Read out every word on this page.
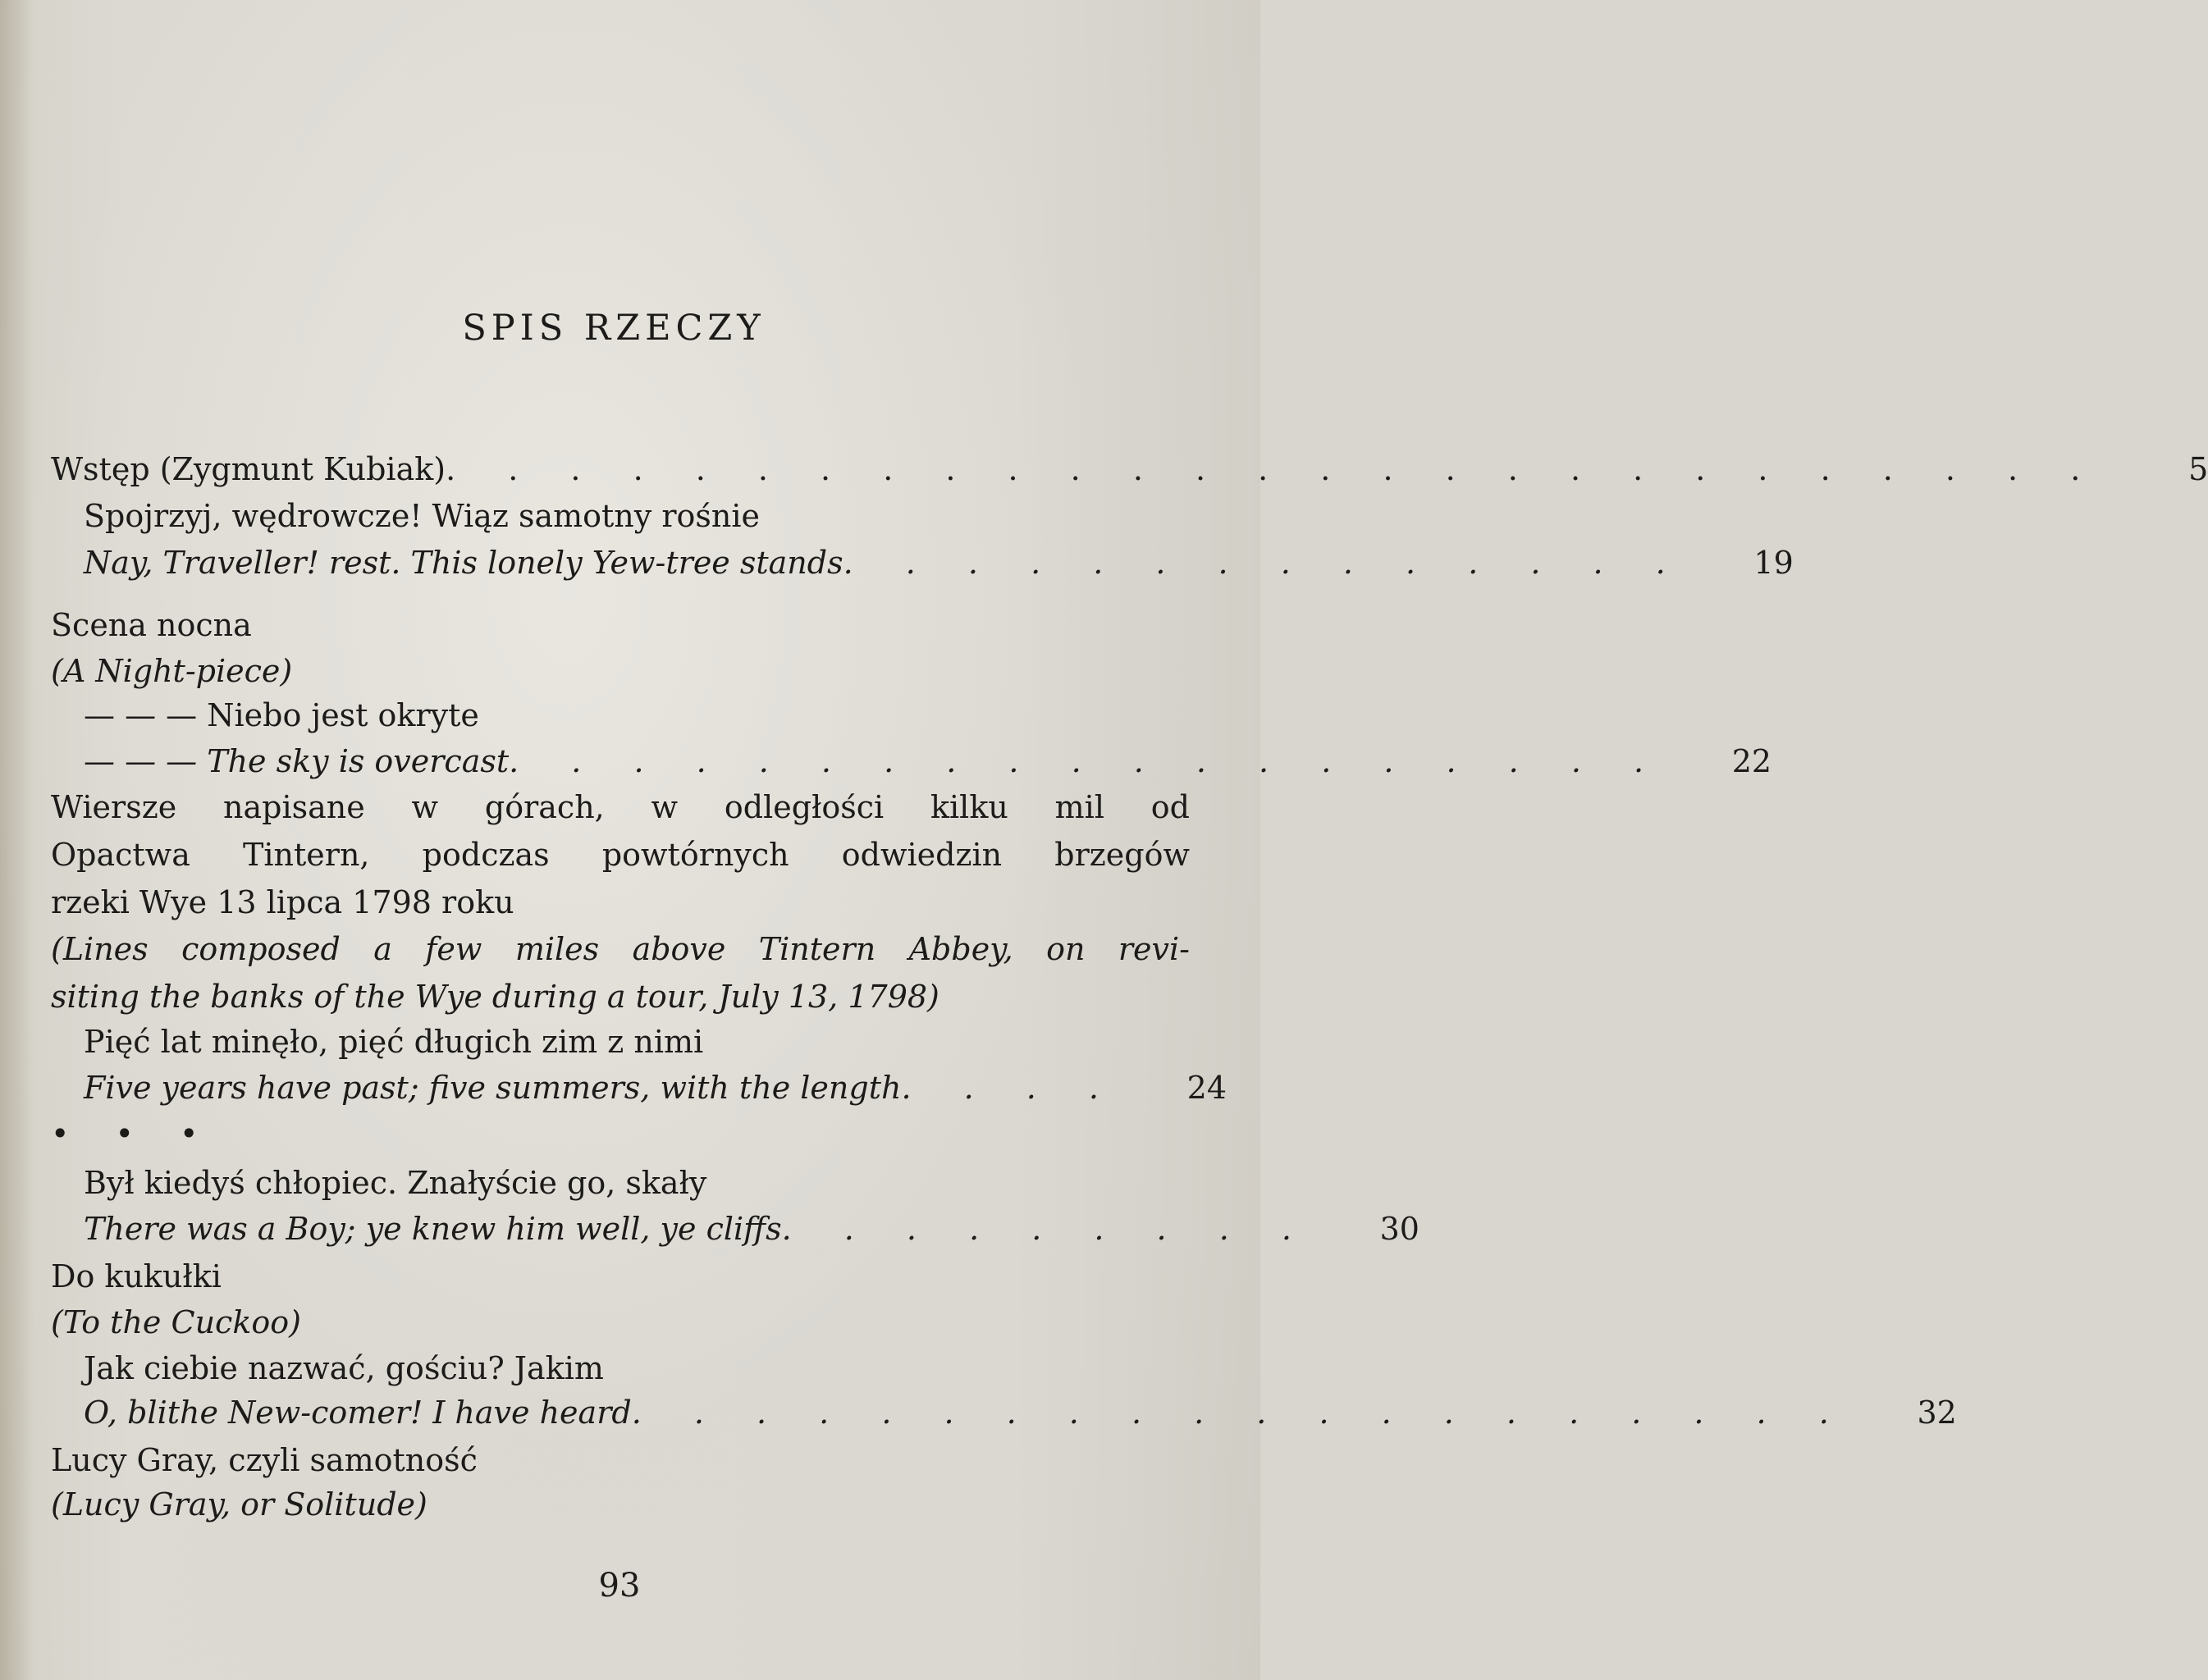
SPIS RZECZY
Wstęp (Zygmunt Kubiak) . . . . . . . . . . . . . . . . . . . . . . . . . . .	5
Spojrzyj, wędrowcze! Wiąz samotny rośnie
Nay, Traveller! rest. This lonely Yew-tree stands . . . . . . . . . . . . . .	19
Scena nocna
(A Night-piece)
— — — Niebo jest okryte
— — — The sky is overcast . . . . . . . . . . . . . . . . . . .	22
Wiersze napisane w górach, w odległości kilku mil od
Opactwa Tintern, podczas powtórnych odwiedzin brzegów
rzeki Wye 13 lipca 1798 roku
(Lines composed a few miles above Tintern Abbey, on revi-
siting the banks of the Wye during a tour, July 13, 1798)
Pięć lat minęło, pięć długich zim z nimi
Five years have past; five summers, with the length . . . .	24
• • •
Był kiedyś chłopiec. Znałyście go, skały
There was a Boy; ye knew him well, ye cliffs . . . . . . . . .	30
Do kukułki
(To the Cuckoo)
Jak ciebie nazwać, gościu? Jakim
O, blithe New-comer! I have heard . . . . . . . . . . . . . . . . . . . .	32
Lucy Gray, czyli samotność
(Lucy Gray, or Solitude)
93
